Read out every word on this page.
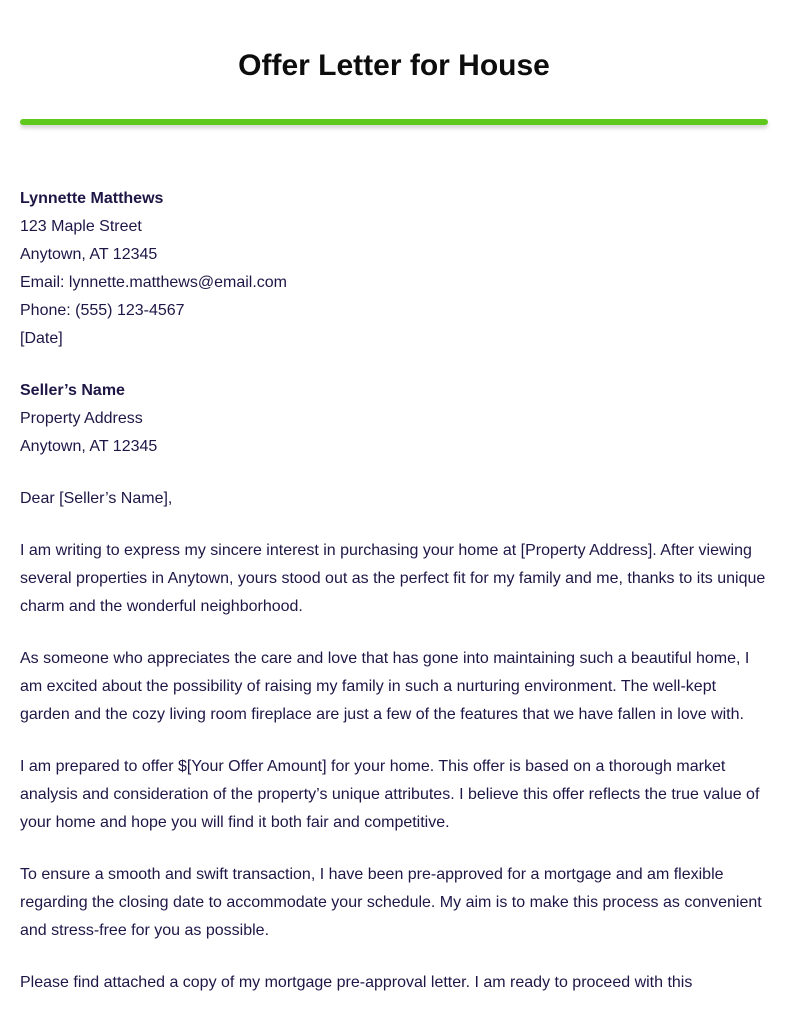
Offer Letter for House
Lynnette Matthews
123 Maple Street
Anytown, AT 12345
Email: lynnette.matthews@email.com
Phone: (555) 123-4567
[Date]
Seller’s Name
Property Address
Anytown, AT 12345

Dear [Seller’s Name],

I am writing to express my sincere interest in purchasing your home at [Property Address]. After viewing several properties in Anytown, yours stood out as the perfect fit for my family and me, thanks to its unique charm and the wonderful neighborhood.

As someone who appreciates the care and love that has gone into maintaining such a beautiful home, I am excited about the possibility of raising my family in such a nurturing environment. The well-kept garden and the cozy living room fireplace are just a few of the features that we have fallen in love with.

I am prepared to offer $[Your Offer Amount] for your home. This offer is based on a thorough market analysis and consideration of the property’s unique attributes. I believe this offer reflects the true value of your home and hope you will find it both fair and competitive.

To ensure a smooth and swift transaction, I have been pre-approved for a mortgage and am flexible regarding the closing date to accommodate your schedule. My aim is to make this process as convenient and stress-free for you as possible.

Please find attached a copy of my mortgage pre-approval letter. I am ready to proceed with this
